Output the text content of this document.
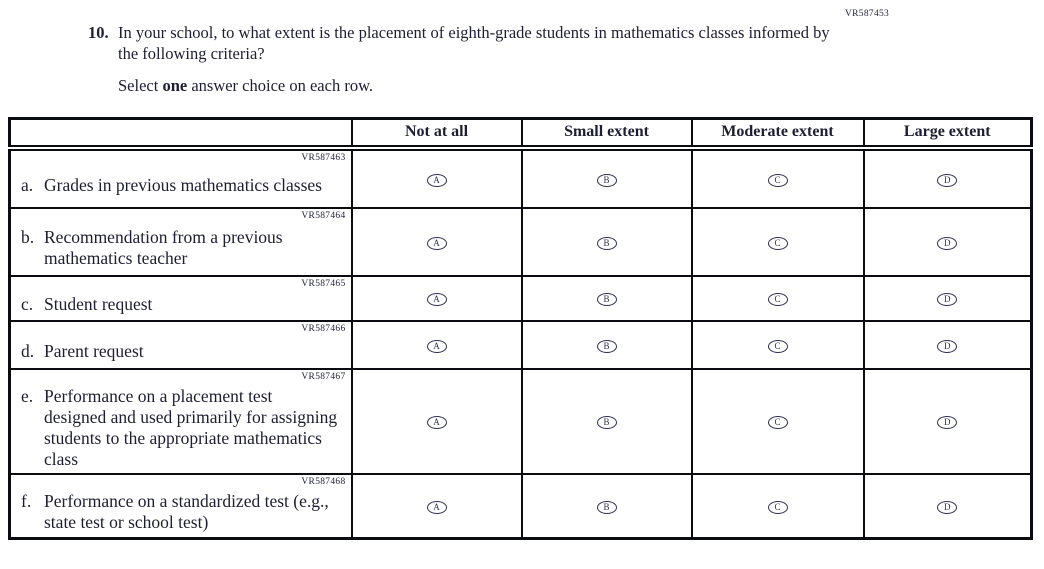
VR587453
10. In your school, to what extent is the placement of eighth-grade students in mathematics classes informed by the following criteria?
Select one answer choice on each row.
	Not at all	Small extent	Moderate extent	Large extent

VR587463
a. Grades in previous mathematics classes	A	B	C	D

VR587464
b. Recommendation from a previous mathematics teacher	A	B	C	D

VR587465
c. Student request	A	B	C	D

VR587466
d. Parent request	A	B	C	D

VR587467
e. Performance on a placement test designed and used primarily for assigning students to the appropriate mathematics class	A	B	C	D

VR587468
f. Performance on a standardized test (e.g., state test or school test)	A	B	C	D
